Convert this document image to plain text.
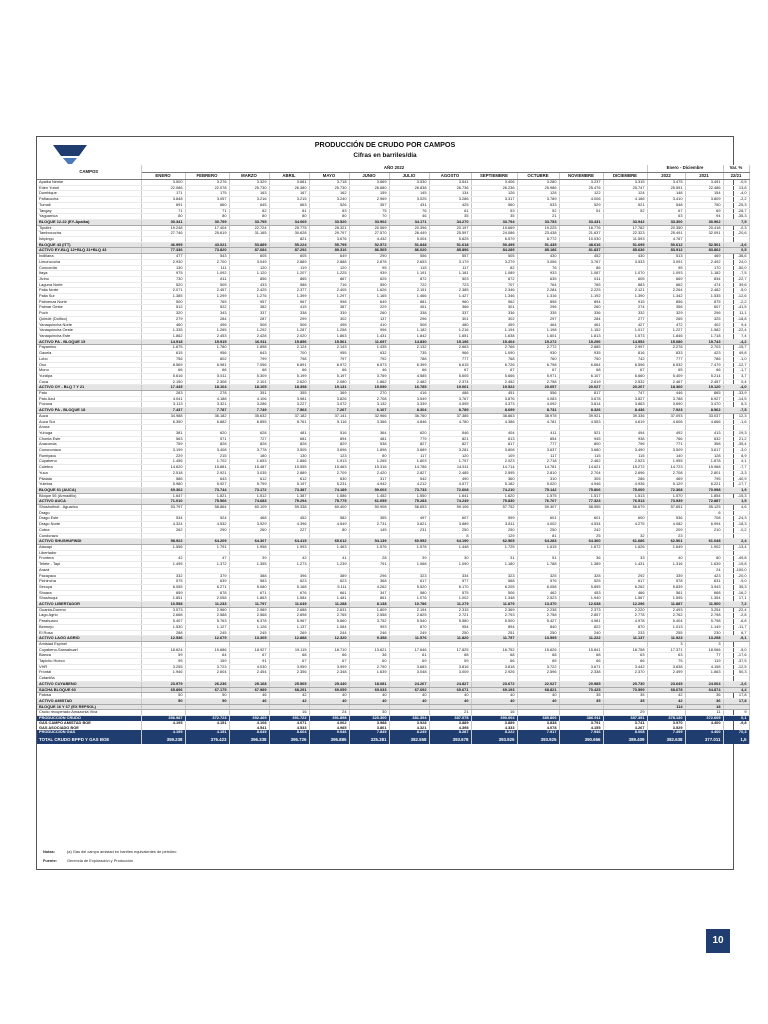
PRODUCCIÓN DE CRUDO POR CAMPOS
Cifras en barriles/día
CAMPOS	AÑO 2022												Enero - Diciembre		Var. %
	ENERO	FEBRERO	MARZO	ABRIL	MAYO	JUNIO	JULIO	AGOSTO	SEPTIEMBRE	OCTUBRE	NOVIEMBRE	DICIEMBRE	2022	2021	22/21
Apaika Nenke	3.500	3.276	3.329	3.681	3.718	3.669	3.530	3.541	3.406	3.280	3.237	3.315	3.475	3.491	-0,5
Eden Yuturi	22.086	22.078	25.730	26.380	25.730	26.680	26.838	26.736	26.236	25.986	25.476	25.747	25.591	22.486	13,8
Dumbique	171	175	163	167	162	159	145	134	126	128	122	124	148	154	-4,0
Pañacocha	3.848	3.057	3.216	3.215	3.240	2.969	3.025	3.286	3.317	3.789	4.006	4.166	3.410	3.809	-2,2
Tumali	691	660	645	663	526	357	431	425	560	533	529	521	548	750	-25,3
Tangay	71	71	82	81	83	75	76	61	53	52	51	52	67	69	-28,7
Yaguarrica	80	80	80	80	80	70	46	35	35	21			63	94	-35,3
BLOQUE 12-22 (EY-Apaika)	30.341	30.799	33.795	34.069	33.520	33.902	34.171	34.270	33.794	33.753	33.431	33.942	33.300	30.962	7,5
Tiputini	19.248	17.404	22.724	25.775	28.321	20.569	20.396	20.197	19.669	19.225	16.776	17.782	20.350	20.418	-0,3
Tambococha	27.746	25.619	31.165	30.628	29.797	27.570	26.449	25.597	24.086	23.438	21.637	22.323	25.491	32.091	-20,6
Ishpingo				821	3.676	4.432	5.004	5.825	6.579	8.772	10.030	11.593	4.767		
BLOQUE 43 (ITT)	46.995	43.021	53.889	55.224	55.795	52.572	51.848	51.618	50.495	51.435	48.616	51.695	50.612	52.501	-3,6
ACTIVO EY-BLQ 12+BLQ 31+BLQ 43	77.336	73.820	87.684	87.292	89.316	86.565	86.020	85.896	84.289	85.186	81.837	85.636	83.912	83.862	0,5
Indillana	477	543	605	605	649	290	556	557	505	430	452	430	513	469	-38,6
Limoncocha	2.930	2.700	3.049	2.889	2.888	2.878	2.653	3.179	3.279	3.056	3.767	3.533	3.091	2.492	24,0
Concordia	130	111	120	119	120	95	115	117	82	76	86		95	170	-50,0
Itaya	975	1.092	1.120	1.207	1.225	939	1.191	1.181	1.089	933	1.087	1.070	1.093	1.182	-7,5
Jivino	730	811	856	865	867	625	872	503	872	635	611	605	669	834	-22,7
Laguna Norte	520	505	433	588	716	550	722	723	707	764	765	883	662	474	39,6
Palia Norte	2.071	2.457	2.425	2.377	2.405	1.626	2.151	2.385	2.346	2.284	2.225	2.121	2.264	2.482	-5,0
Palia Sur	1.385	1.299	1.276	1.399	1.297	1.165	1.466	1.427	1.346	1.316	1.192	1.390	1.342	1.535	-12,6
Paimenza Norte	500	765	957	967	998	649	881	960	962	898	894	915	856	875	-2,2
Palmar Oeste	512	522	382	415	387	229	451	366	301	296	260	274	356	607	-41,5
Puch	320	343	337	338	339	260	338	337	336	335	336	332	329	296	11,1
Quindé (Doltico)	279	284	287	299	302	137	296	301	302	297	284	277	265	325	-18,8
Yanaquincha Norte	460	496	508	506	498	410	508	480	459	464	461	427	472	402	9,4
Yanaquincha Oeste	1.335	1.265	1.292	1.287	1.258	996	1.182	1.216	1.194	1.198	1.152	1.017	1.227	1.582	-22,4
Yanaquincha Este	1.862	2.453	2.428	2.020	1.863	1.431	1.842	1.651	1.638	1.601	1.813	1.573	1.846	1.718	7,4
ACTIVO PA - BLOQUE 15	14.918	15.915	16.511	15.856	15.561	11.697	14.830	15.196	15.404	15.272	15.296	14.952	15.080	15.743	-4,2
Payamino	1.675	1.780	1.898	2.124	2.143	1.435	2.132	2.663	2.766	2.772	2.885	2.997	2.276	2.703	-15,7
Gacela	615	956	643	700	955	632	735	966	1.090	930	935	816	833	423	49,8
Lobo	756	802	799	798	797	792	788	777	768	760	750	742	777	786	-1,0
Oso	8.569	6.981	7.056	6.891	6.972	6.573	6.399	6.615	6.726	6.798	6.664	6.596	6.532	7.479	-12,7
Mono	66	66	68	66	66	46	66	67	67	67	68	67	65	66	-1,7
Yurálpa	5.616	5.511	5.309	5.199	5.197	3.769	4.585	5.605	5.666	5.971	6.107	6.660	5.409	5.214	3,7
Coca	2.150	2.308	2.101	2.620	2.080	1.862	2.482	2.374	2.452	2.758	2.619	2.532	2.467	2.457	0,4
ACTIVO OY - BLQ 7 Y 21	17.445	18.104	18.105	18.398	19.131	15.090	16.785	19.061	19.522	20.057	20.027	20.207	18.360	19.120	-4,0
Pato	283	278	351	355	369	270	416	486	451	556	817	747	446	865	-33,9
Palo Azul	4.041	4.188	4.106	3.981	3.826	2.708	3.549	3.767	3.876	4.083	3.678	3.827	3.788	6.927	-14,5
Pucuna	3.113	3.321	3.286	3.227	3.072	3.132	3.339	4.595	4.373	4.092	3.814	3.863	3.690	3.470	6,3
ACTIVO PA - BLOQUE 18	7.437	7.787	7.749	7.563	7.267	6.107	8.304	8.789	8.699	8.731	8.326	8.436	7.923	8.562	-7,5
Auca	34.988	36.182	35.632	37.182	37.141	32.966	36.760	37.385	38.863	38.978	39.921	39.336	37.093	33.037	12,3
Auca Sur	6.350	6.882	6.855	8.761	5.116	3.366	4.846	4.780	4.386	4.781	4.553	4.619	4.606	4.666	-1,6
Anura															
Yuhuga	381	620	628	481	516	364	620	546	404	411	521	494	492	413	19,3
Chonta Este	563	571	727	681	894	481	779	821	813	854	945	938	766	632	21,2
Anaconda	759	828	828	828	829	538	827	827	817	777	800	796	771	358	-35,4
Conononaco	3.199	3.408	3.778	3.505	3.696	1.898	3.689	3.281	3.808	3.637	3.680	3.490	3.509	3.617	-3,0
Rumiyacu	229	215	180	130	123	80	117	120	109	117	115	115	140	128	8,9
Cuyabeno	1.456	1.702	1.653	1.866	1.913	1.265	1.803	1.797	2.023	2.718	2.462	2.523	1.955	1.878	4,1
Culebra	14.620	15.881	15.487	15.555	15.463	15.316	14.786	14.511	14.714	14.781	14.621	15.272	14.723	15.968	-7,7
Yuca	2.518	2.921	3.035	2.889	2.709	2.420	2.827	2.485	2.595	2.810	2.704	2.696	2.708	2.801	-3,3
Pitalala	586	643	612	612	630	317	542	490	360	310	305	286	469	795	-40,9
Yulebra	5.980	5.927	5.799	5.197	5.231	4.942	4.212	4.577	5.182	5.020	4.946	4.936	5.129	6.221	-17,7
BLOQUE 61 (AUCA)	69.362	73.744	73.172	73.387	74.189	59.603	73.733	72.608	74.210	75.142	75.806	75.000	72.368	70.998	1,9
Bloque 55 (Armadillo)	1.647	1.821	1.512	1.387	1.586	1.452	1.550	1.641	1.620	1.575	1.517	1.513	1.570	1.854	-15,3
ACTIVO AUCA	71.010	75.566	74.683	75.294	75.775	61.055	75.283	74.249	75.830	76.707	77.323	76.513	73.939	72.887	1,5
Shushufindi - Aguarico	53.797	58.864	60.109	59.338	60.400	50.908	56.653	59.106	57.752	59.307	58.955	56.679	57.651	55.125	4,6
Drago														6	
Drago Este	534	524	468	452	582	355	497	607	599	601	601	600	536	708	-24,3
Drago Norte	4.324	4.532	3.929	4.396	4.549	2.731	3.821	3.889	3.811	4.002	4.534	4.275	4.082	6.994	-18,3
Cobra	262	290	260	227	80	145	231	250	250	250	242		209	210	-0,2
Condorazo								8	129	81	25	32	23		
ACTIVO SHUSHUFINDI	58.922	64.209	64.307	64.415	65.612	54.139	60.952	64.190	62.565	64.283	64.360	61.686	62.501	61.048	2,4
Atacapi	1.556	1.791	1.958	1.993	1.463	1.576	1.578	1.448	1.725	1.615	1.672	1.626	1.649	1.902	-13,4
Libertador															
Frontera	42	47	39	42	41	28	39	30	31	51	36	33	40	80	-49,8
Tetete - Tapi	1.495	1.372	1.355	1.273	1.239	791	1.068	1.090	1.180	1.788	1.389	1.431	1.316	1.639	-19,8
Arazá														24	-100,0
Pacayacu	332	379	388	396	389	296	323	334	323	325	328	292	339	423	-20,0
Pichincha	575	639	583	623	623	368	617	577	568	576	525	617	578	631	-9,0
Secoya	6.055	6.271	5.080	5.168	5.111	4.262	5.520	6.170	6.205	6.058	5.895	6.262	5.839	3.943	35,3
Shuara	659	678	671	676	661	347	580	575	506	462	453	466	561	668	-16,2
Shushuqui	1.851	2.058	1.863	1.584	1.481	861	1.076	1.002	1.348	2.523	1.940	1.567	1.595	1.354	17,1
ACTIVO LIBERTADOR	10.558	11.233	11.797	11.649	11.288	8.138	10.786	11.279	11.879	13.370	12.638	12.296	11.887	11.500	7,2
Guanta-Dureno	3.573	2.960	2.989	2.688	2.631	1.809	2.194	2.315	2.369	2.238	2.373	2.220	2.493	3.254	-22,4
Lago Agrio	2.668	2.588	2.568	2.898	2.765	2.558	2.825	2.721	2.793	2.758	2.857	2.778	2.762	2.798	-2,8
Parahuacu	5.407	5.763	6.378	5.967	5.660	3.752	5.540	5.580	5.500	5.427	4.981	4.978	5.404	5.798	-6,8
Bermejo	1.530	1.127	1.126	1.137	1.084	993	870	954	894	840	822	870	1.013	1.149	-11,7
El Rosa	288	245	245	269	244	246	249	250	251	250	240	233	255	230	6,7
ACTIVO LAGO AGRIO	12.536	12.679	13.305	12.888	12.320	9.358	11.576	11.820	11.757	13.595	11.222	11.137	11.923	13.258	-9,1
Amistad Espinel													3	3	
Cuyabeno-Sansahuari	18.624	19.686	18.927	19.115	18.710	13.621	17.646	17.825	16.752	15.626	15.841	18.758	17.371	18.066	-5,0
Blanca	59	64	67	68	66	36	61	68	68	68	68	63	63	77	-17,6
Tapichu Hueco	95	159	91	67	67	60	69	59	66	65	66	66	75	119	-37,5
VHR	3.255	3.723	4.030	3.959	3.999	2.790	3.683	3.816	3.818	3.722	3.671	3.442	3.638	4.158	-12,5
Frontal	1.946	2.604	2.454	2.356	2.348	1.639	3.048	3.009	2.926	2.596	2.338	2.370	2.499	1.663	50,3
Cotaniña															
ACTIVO CUYABENO	23.979	26.236	25.168	25.565	25.440	18.081	24.267	24.827	23.672	22.027	20.985	20.730	23.645	24.064	-2,6
SACHA BLOQUE 60	65.896	67.175	67.989	68.291	69.059	69.033	67.692	69.671	69.193	68.821	70.425	70.599	68.678	64.874	4,4
Palosa	50	50	46	42	40	40	40	40	40	40	35	35	42	36	17,8
ACTIVO AMISTAD	50	50	46	42	40	40	40	40	40	40	35	35	42	36	17,8
BLOQUE 16 Y 67 (EX REPSOL)													114	18	
Crudo recuperado Amazonia Viva				16	24	30		21	16			29		11	9
PRODUCCIÓN CRUDO	356.987	372.723	392.469	391.722	391.898	320.300	381.394	387.078	390.004	389.806	386.911	387.391	378.130	372.609	0,1
GAS CAMPO AMISTAD BOE	4.195	4.151	4.108	4.071	4.062	3.988	3.928	3.889	3.889	3.838	3.791	3.741	3.970	4.400	-9,8
GAS ASOCIADO BOE			4.541	4.533	4.985	3.861	4.321	4.398	4.333	4.078	4.155	4.267	3.529		
PRODUCCIÓN GAS	4.195	4.151	8.649	8.604	9.046	7.849	8.249	8.287	8.222	7.917	7.946	8.008	7.499	4.400	70,3
TOTAL CRUDO BPPD Y GAS BOE	359.238	376.423	396.338	395.726	395.885	325.381	382.558	393.678	393.925	393.925	390.656	389.409	382.638	377.011	1,5
Notas:	(a) Gas del campo amistad en barriles equivalentes de petróleo
Fuente:	Gerencia de Exploración y Producción
10
